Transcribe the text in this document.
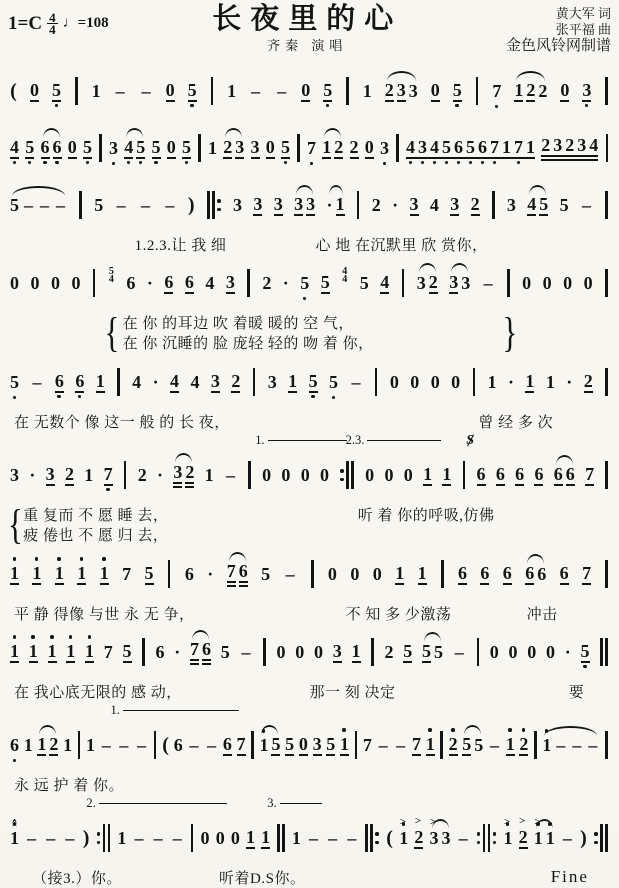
$1=C \frac{4}{4}$ ♩=108	长夜里的心
齐秦 演唱
黄大军 词
张平福 曲
金色风铃网制谱
( 0 5 1 – – 0 5 1 – – 0 5 1 2 3 3 0 5 7 1 2 2 0 3
4 5 6 6 0 5 3 4 5 5 0 5 1 2 3 3 0 5 7 1 2 2 0 3 4 3 4 5 6 5 6 7 1 7 1 2 3 2 3 4
5 – – – 5 – – – ) 3 3 3 3 3 · 1 2 · 3 4 3 2 3 4 5 5 –
1.2.3.让 我 细	心 地 在沉默里 欣 赏你，
0 0 0 0
5
4 6 · 6 6 4 3 2 · 5 5
4
4 5 4 3 2 3 3 – 0 0 0 0
{	}
在 你 的耳边 吹 着暖 暖的 空 气，
在 你 沉睡的 脸 庞轻 轻的 吻 着 你，
5 – 6 6 1 4 · 4 4 3 2 3 1 5 5 – 0 0 0 0 1 · 1 1 · 2
在 无数个 像 这一 般 的 长 夜，	曾 经 多 次
1.	2.3.	S
3 · 3 2 1 7 2 · 3 2 1 – 0 0 0 0 0 0 0 1 1 6 6 6 6 6 6 7
{ 重 复而 不 愿 睡 去，	听 着 你的呼吸,仿佛
疲 倦也 不 愿 归 去，
1 1 1 1 1 7 5 6 · 7 6 5 – 0 0 0 1 1 6 6 6 6 6 6 7
平 静 得像 与世 永 无 争，	不 知 多 少激荡	冲击
1 1 1 1 1 7 5 6 · 7 6 5 – 0 0 0 3 1 2 5 5 5 – 0 0 0 0 · 5
在 我心底无限的 感 动，	那一 刻 决定	要
1.
6 1 1 2 1 1 – – – ( 6 – – 6 7 1 5 5 0 3 5 1 7 – – 7 1 2 5 5 – 1 2 1 – – –
永 远 护 着 你。
2.	3.
1 – – – ) 1 – – – 0 0 0 1 1 1 – – – ( 1
>
2
>
3
>
3 – 1
>
2
>
1
>
1 – )
（接3.）你。	听着D.S你。	Fine
